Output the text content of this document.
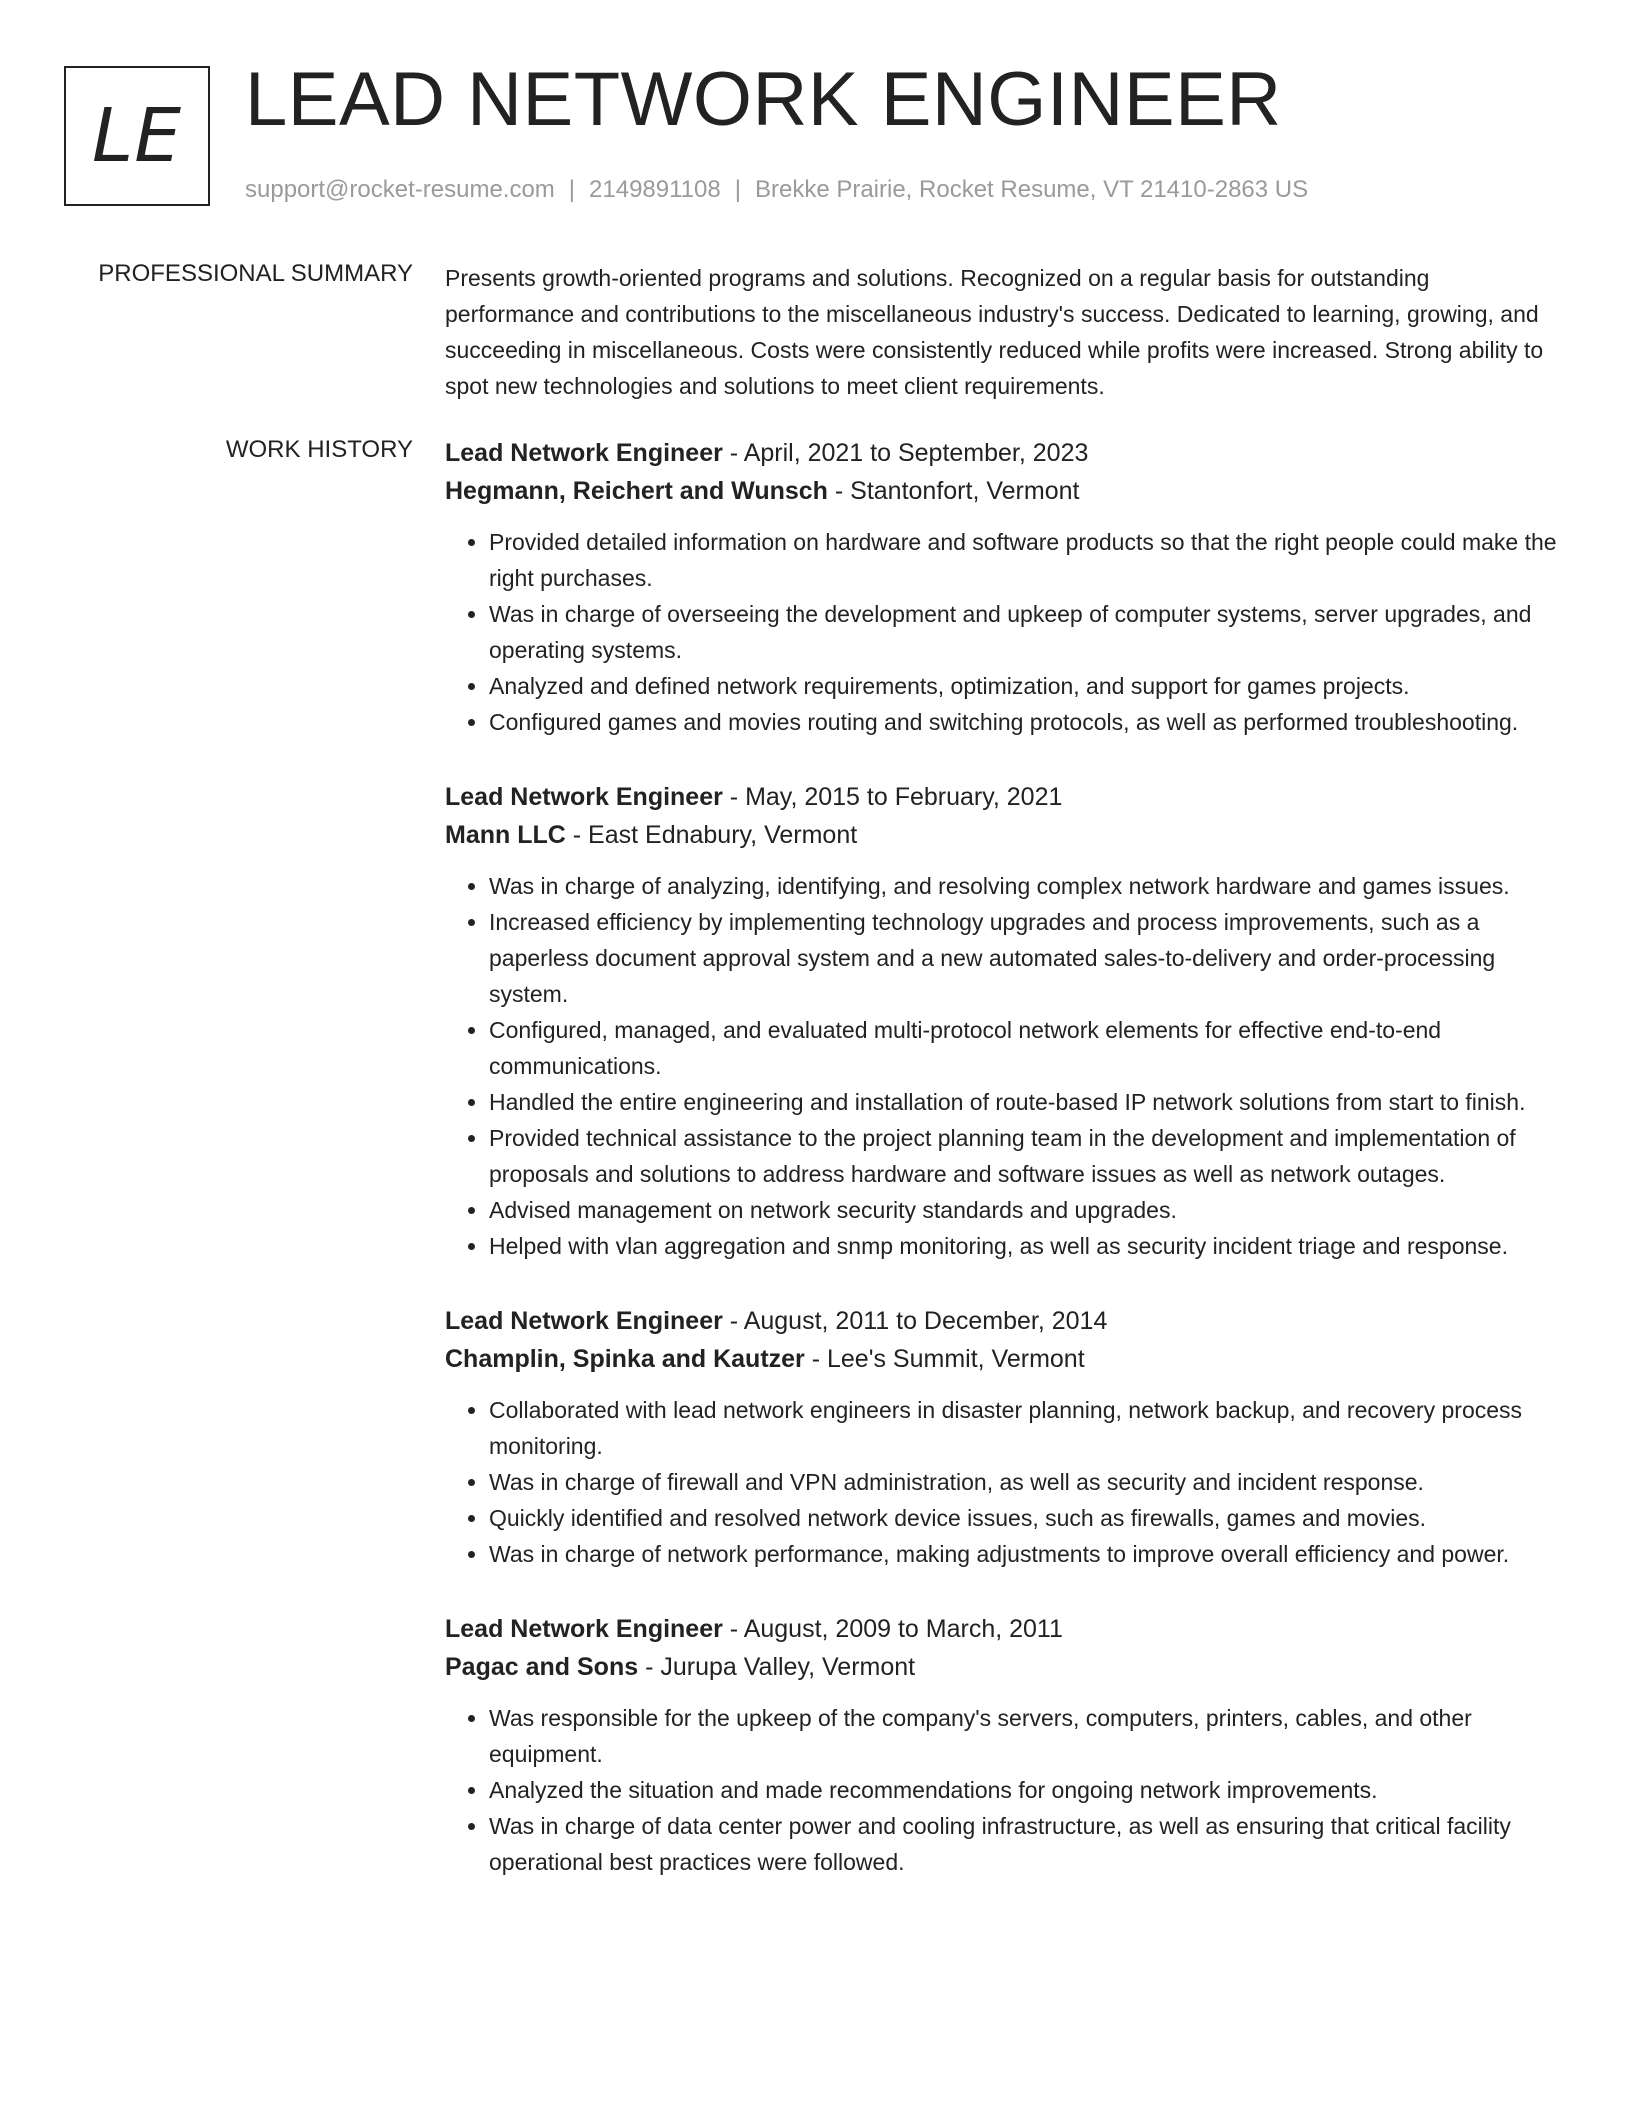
LE LEAD NETWORK ENGINEER
support@rocket-resume.com | 2149891108 | Brekke Prairie, Rocket Resume, VT 21410-2863 US
PROFESSIONAL SUMMARY Presents growth-oriented programs and solutions. Recognized on a regular basis for outstanding performance and contributions to the miscellaneous industry's success. Dedicated to learning, growing, and succeeding in miscellaneous. Costs were consistently reduced while profits were increased. Strong ability to spot new technologies and solutions to meet client requirements.
WORK HISTORY Lead Network Engineer - April, 2021 to September, 2023
Hegmann, Reichert and Wunsch - Stantonfort, Vermont
• Provided detailed information on hardware and software products so that the right people could make the right purchases.
• Was in charge of overseeing the development and upkeep of computer systems, server upgrades, and operating systems.
• Analyzed and defined network requirements, optimization, and support for games projects.
• Configured games and movies routing and switching protocols, as well as performed troubleshooting.
Lead Network Engineer - May, 2015 to February, 2021
Mann LLC - East Ednabury, Vermont
• Was in charge of analyzing, identifying, and resolving complex network hardware and games issues.
• Increased efficiency by implementing technology upgrades and process improvements, such as a paperless document approval system and a new automated sales-to-delivery and order-processing system.
• Configured, managed, and evaluated multi-protocol network elements for effective end-to-end communications.
• Handled the entire engineering and installation of route-based IP network solutions from start to finish.
• Provided technical assistance to the project planning team in the development and implementation of proposals and solutions to address hardware and software issues as well as network outages.
• Advised management on network security standards and upgrades.
• Helped with vlan aggregation and snmp monitoring, as well as security incident triage and response.
Lead Network Engineer - August, 2011 to December, 2014
Champlin, Spinka and Kautzer - Lee's Summit, Vermont
• Collaborated with lead network engineers in disaster planning, network backup, and recovery process monitoring.
• Was in charge of firewall and VPN administration, as well as security and incident response.
• Quickly identified and resolved network device issues, such as firewalls, games and movies.
• Was in charge of network performance, making adjustments to improve overall efficiency and power.
Lead Network Engineer - August, 2009 to March, 2011
Pagac and Sons - Jurupa Valley, Vermont
• Was responsible for the upkeep of the company's servers, computers, printers, cables, and other equipment.
• Analyzed the situation and made recommendations for ongoing network improvements.
• Was in charge of data center power and cooling infrastructure, as well as ensuring that critical facility operational best practices were followed.
